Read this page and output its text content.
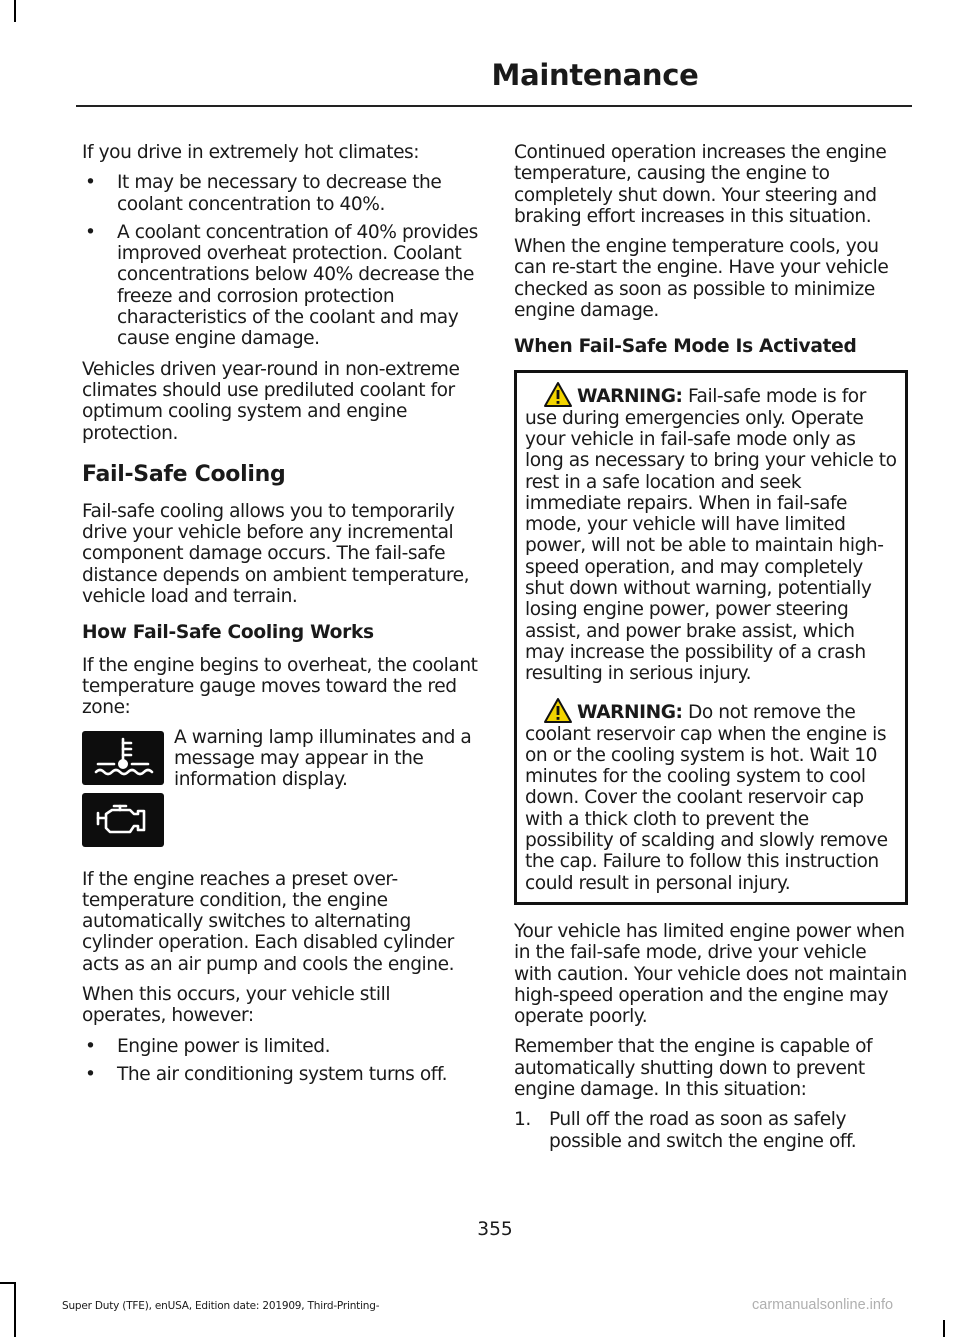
Maintenance

If you drive in extremely hot climates:

• It may be necessary to decrease the coolant concentration to 40%.
• A coolant concentration of 40% provides improved overheat protection. Coolant concentrations below 40% decrease the freeze and corrosion protection characteristics of the coolant and may cause engine damage.

Vehicles driven year-round in non-extreme climates should use prediluted coolant for optimum cooling system and engine protection.

Fail-Safe Cooling

Fail-safe cooling allows you to temporarily drive your vehicle before any incremental component damage occurs. The fail-safe distance depends on ambient temperature, vehicle load and terrain.

How Fail-Safe Cooling Works

If the engine begins to overheat, the coolant temperature gauge moves toward the red zone:

A warning lamp illuminates and a message may appear in the information display.

If the engine reaches a preset over-temperature condition, the engine automatically switches to alternating cylinder operation. Each disabled cylinder acts as an air pump and cools the engine.

When this occurs, your vehicle still operates, however:

• Engine power is limited.
• The air conditioning system turns off.

Continued operation increases the engine temperature, causing the engine to completely shut down. Your steering and braking effort increases in this situation.

When the engine temperature cools, you can re-start the engine. Have your vehicle checked as soon as possible to minimize engine damage.

When Fail-Safe Mode Is Activated

WARNING: Fail-safe mode is for use during emergencies only. Operate your vehicle in fail-safe mode only as long as necessary to bring your vehicle to rest in a safe location and seek immediate repairs. When in fail-safe mode, your vehicle will have limited power, will not be able to maintain high-speed operation, and may completely shut down without warning, potentially losing engine power, power steering assist, and power brake assist, which may increase the possibility of a crash resulting in serious injury.

WARNING: Do not remove the coolant reservoir cap when the engine is on or the cooling system is hot. Wait 10 minutes for the cooling system to cool down. Cover the coolant reservoir cap with a thick cloth to prevent the possibility of scalding and slowly remove the cap. Failure to follow this instruction could result in personal injury.

Your vehicle has limited engine power when in the fail-safe mode, drive your vehicle with caution. Your vehicle does not maintain high-speed operation and the engine may operate poorly.

Remember that the engine is capable of automatically shutting down to prevent engine damage. In this situation:

1. Pull off the road as soon as safely possible and switch the engine off.
355
Super Duty (TFE), enUSA, Edition date: 201909, Third-Printing-	carmanualsonline.info
